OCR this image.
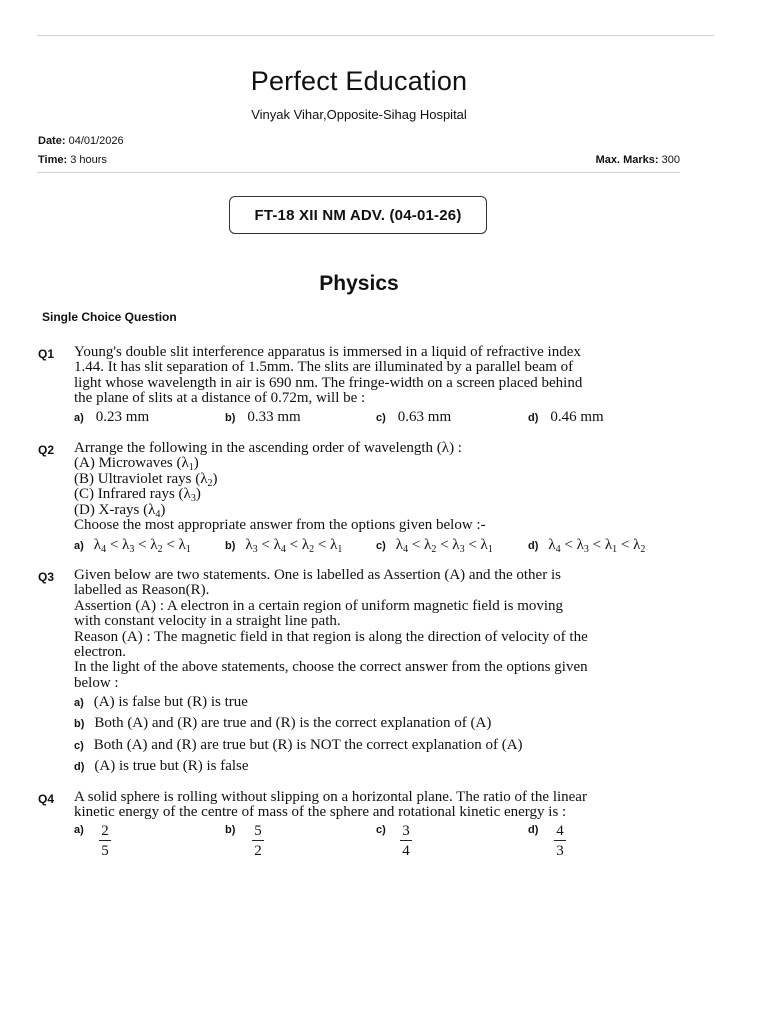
Perfect Education
Vinyak Vihar,Opposite-Sihag Hospital
Date: 04/01/2026
Time: 3 hours	Max. Marks: 300
FT-18 XII NM ADV. (04-01-26)
Physics
Single Choice Question
Q1 Young's double slit interference apparatus is immersed in a liquid of refractive index
1.44. It has slit separation of 1.5mm. The slits are illuminated by a parallel beam of
light whose wavelength in air is 690 nm. The fringe-width on a screen placed behind
the plane of slits at a distance of 0.72m, will be :
a) 0.23 mm	b) 0.33 mm	c) 0.63 mm	d) 0.46 mm
Q2 Arrange the following in the ascending order of wavelength (λ) :
(A) Microwaves $(\lambda_1)$
(B) Ultraviolet rays $(\lambda_2)$
(C) Infrared rays $(\lambda_3)$
(D) X-rays $(\lambda_4)$
Choose the most appropriate answer from the options given below :-
a) $\lambda_4 < \lambda_3 < \lambda_2 < \lambda_1$	b) $\lambda_3 < \lambda_4 < \lambda_2 < \lambda_1$	c) $\lambda_4 < \lambda_2 < \lambda_3 < \lambda_1$	d) $\lambda_4 < \lambda_3 < \lambda_1 < \lambda_2$
Q3 Given below are two statements. One is labelled as Assertion (A) and the other is
labelled as Reason(R).
Assertion (A) : A electron in a certain region of uniform magnetic field is moving
with constant velocity in a straight line path.
Reason (A) : The magnetic field in that region is along the direction of velocity of the
electron.
In the light of the above statements, choose the correct answer from the options given
below :
a) (A) is false but (R) is true
b) Both (A) and (R) are true and (R) is the correct explanation of (A)
c) Both (A) and (R) are true but (R) is NOT the correct explanation of (A)
d) (A) is true but (R) is false
Q4 A solid sphere is rolling without slipping on a horizontal plane. The ratio of the linear
kinetic energy of the centre of mass of the sphere and rotational kinetic energy is :
a) 2
5
b) 5
2
c) 3
4
d) 4
3
